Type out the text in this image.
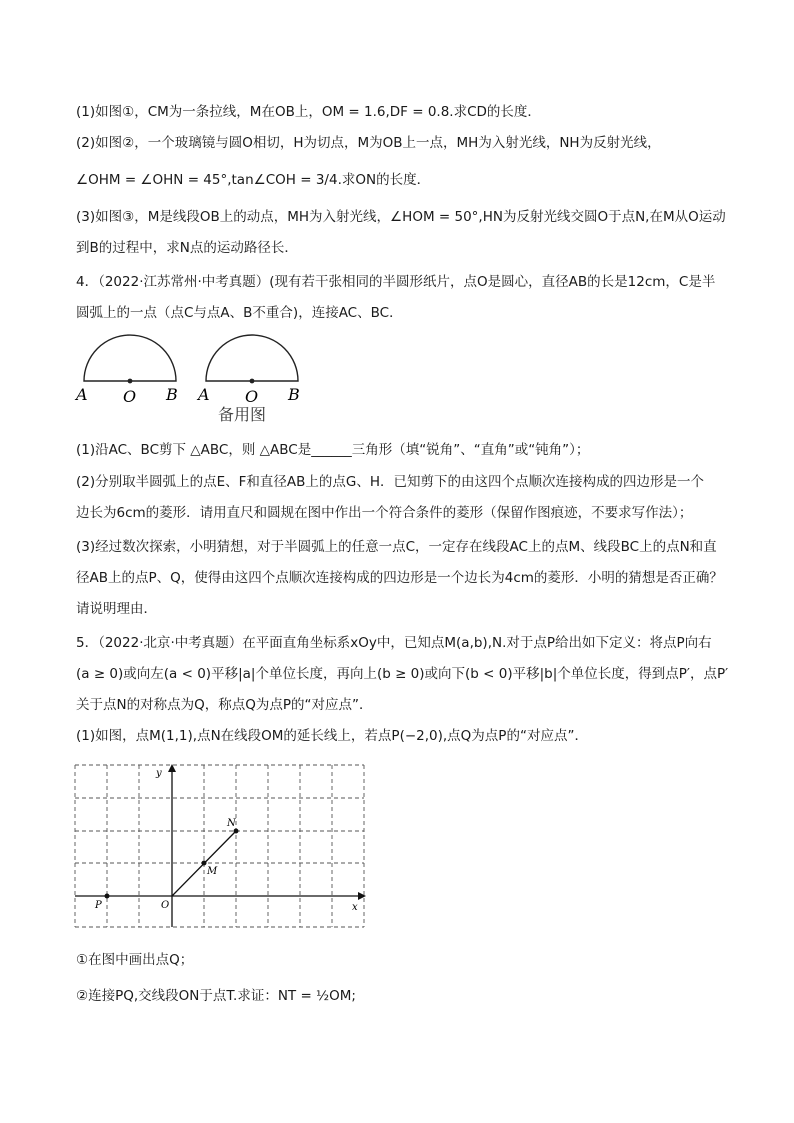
(1)如图①，CM为一条拉线，M在OB上，OM = 1.6,DF = 0.8.求CD的长度．
(2)如图②，一个玻璃镜与圆O相切，H为切点，M为OB上一点，MH为入射光线，NH为反射光线，
∠OHM = ∠OHN = 45°,tan∠COH = 3/4.求ON的长度．
(3)如图③，M是线段OB上的动点，MH为入射光线，∠HOM = 50°,HN为反射光线交圆O于点N,在M从O运动
到B的过程中，求N点的运动路径长．
4．（2022·江苏常州·中考真题）(现有若干张相同的半圆形纸片，点O是圆心，直径AB的长是12cm，C是半
圆弧上的一点（点C与点A、B不重合)，连接AC、BC．
A O B A O B
备用图
(1)沿AC、BC剪下 △ABC，则 △ABC是______三角形（填“锐角”、“直角”或“钝角”）；
(2)分别取半圆弧上的点E、F和直径AB上的点G、H．已知剪下的由这四个点顺次连接构成的四边形是一个
边长为6cm的菱形．请用直尺和圆规在图中作出一个符合条件的菱形（保留作图痕迹，不要求写作法）；
(3)经过数次探索，小明猜想，对于半圆弧上的任意一点C，一定存在线段AC上的点M、线段BC上的点N和直
径AB上的点P、Q，使得由这四个点顺次连接构成的四边形是一个边长为4cm的菱形．小明的猜想是否正确？
请说明理由．
5．（2022·北京·中考真题）在平面直角坐标系xOy中，已知点M(a,b),N.对于点P给出如下定义：将点P向右
(a ≥ 0)或向左(a < 0)平移|a|个单位长度，再向上(b ≥ 0)或向下(b < 0)平移|b|个单位长度，得到点P′，点P′
关于点N的对称点为Q，称点Q为点P的“对应点”．
(1)如图，点M(1,1),点N在线段OM的延长线上，若点P(−2,0),点Q为点P的“对应点”．
y
x
O
P
M
N
①在图中画出点Q；
②连接PQ,交线段ON于点T.求证：NT = ½OM;
